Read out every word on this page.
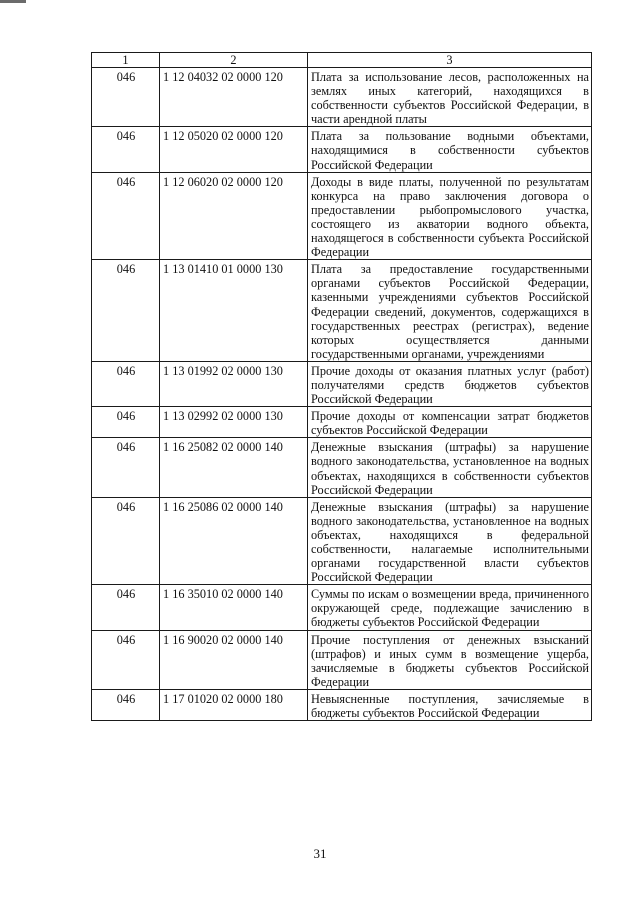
1	2	3
046	1 12 04032 02 0000 120	Плата за использование лесов, расположенных на землях иных категорий, находящихся в собственности субъектов Российской Федерации, в части арендной платы
046	1 12 05020 02 0000 120	Плата за пользование водными объектами, находящимися в собственности субъектов Российской Федерации
046	1 12 06020 02 0000 120	Доходы в виде платы, полученной по результатам конкурса на право заключения договора о предоставлении рыбопромыслового участка, состоящего из акватории водного объекта, находящегося в собственности субъекта Российской Федерации
046	1 13 01410 01 0000 130	Плата за предоставление государственными органами субъектов Российской Федерации, казенными учреждениями субъектов Российской Федерации сведений, документов, содержащихся в государственных реестрах (регистрах), ведение которых осуществляется данными государственными органами, учреждениями
046	1 13 01992 02 0000 130	Прочие доходы от оказания платных услуг (работ) получателями средств бюджетов субъектов Российской Федерации
046	1 13 02992 02 0000 130	Прочие доходы от компенсации затрат бюджетов субъектов Российской Федерации
046	1 16 25082 02 0000 140	Денежные взыскания (штрафы) за нарушение водного законодательства, установленное на водных объектах, находящихся в собственности субъектов Российской Федерации
046	1 16 25086 02 0000 140	Денежные взыскания (штрафы) за нарушение водного законодательства, установленное на водных объектах, находящихся в федеральной собственности, налагаемые исполнительными органами государственной власти субъектов Российской Федерации
046	1 16 35010 02 0000 140	Суммы по искам о возмещении вреда, причиненного окружающей среде, подлежащие зачислению в бюджеты субъектов Российской Федерации
046	1 16 90020 02 0000 140	Прочие поступления от денежных взысканий (штрафов) и иных сумм в возмещение ущерба, зачисляемые в бюджеты субъектов Российской Федерации
046	1 17 01020 02 0000 180	Невыясненные поступления, зачисляемые в бюджеты субъектов Российской Федерации
31
